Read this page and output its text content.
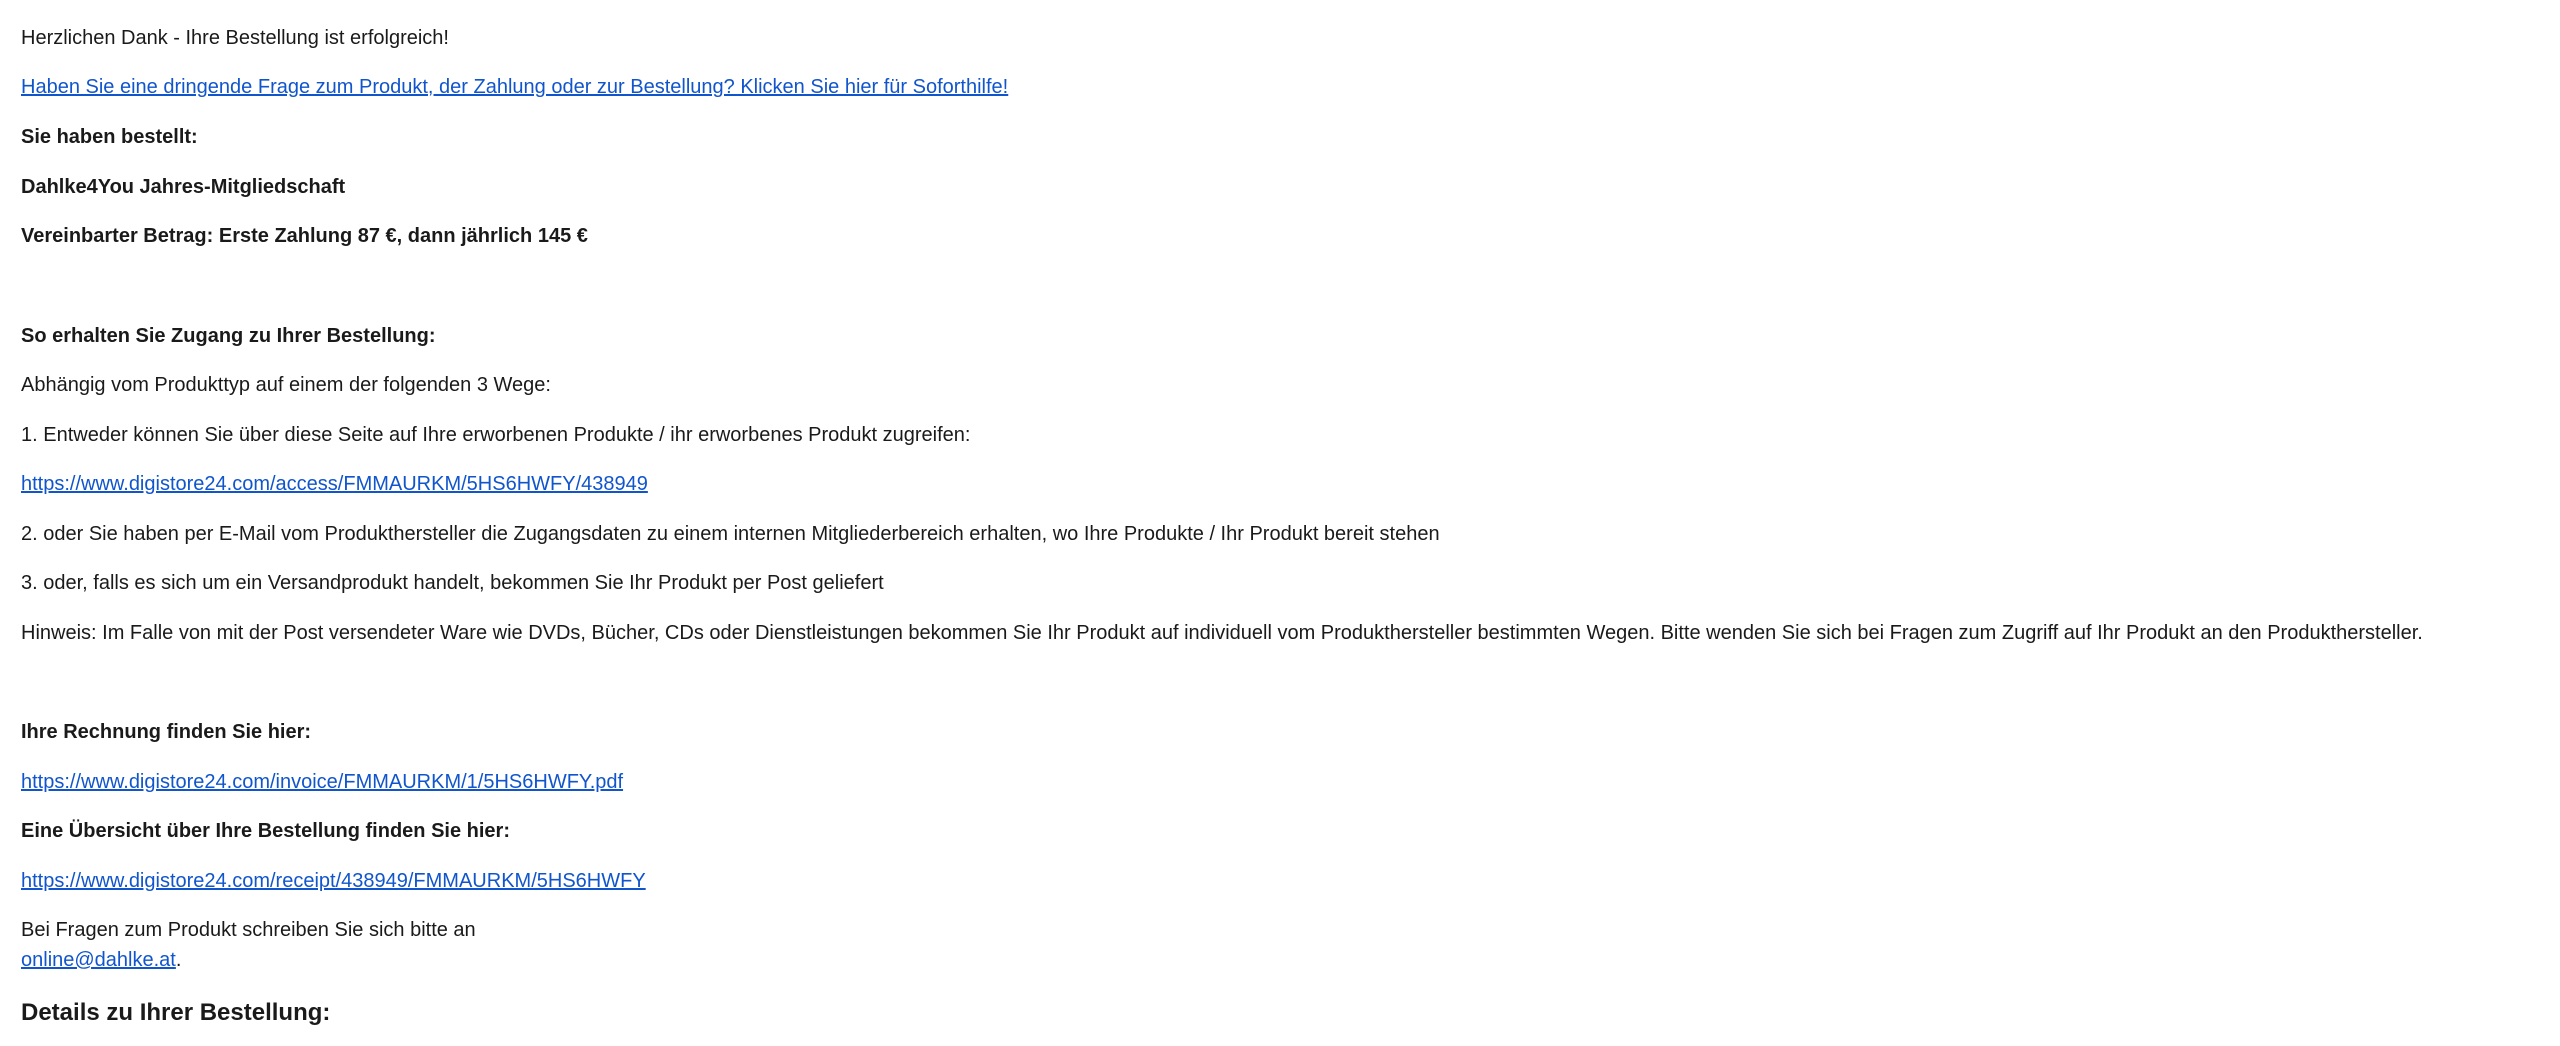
Herzlichen Dank - Ihre Bestellung ist erfolgreich!
Haben Sie eine dringende Frage zum Produkt, der Zahlung oder zur Bestellung? Klicken Sie hier für Soforthilfe!
Sie haben bestellt:
Dahlke4You Jahres-Mitgliedschaft
Vereinbarter Betrag: Erste Zahlung 87 €, dann jährlich 145 €
So erhalten Sie Zugang zu Ihrer Bestellung:
Abhängig vom Produkttyp auf einem der folgenden 3 Wege:
1. Entweder können Sie über diese Seite auf Ihre erworbenen Produkte / ihr erworbenes Produkt zugreifen:
https://www.digistore24.com/access/FMMAURKM/5HS6HWFY/438949
2. oder Sie haben per E-Mail vom Produkthersteller die Zugangsdaten zu einem internen Mitgliederbereich erhalten, wo Ihre Produkte / Ihr Produkt bereit stehen
3. oder, falls es sich um ein Versandprodukt handelt, bekommen Sie Ihr Produkt per Post geliefert
Hinweis: Im Falle von mit der Post versendeter Ware wie DVDs, Bücher, CDs oder Dienstleistungen bekommen Sie Ihr Produkt auf individuell vom Produkthersteller bestimmten Wegen. Bitte wenden Sie sich bei Fragen zum Zugriff auf Ihr Produkt an den Produkthersteller.
Ihre Rechnung finden Sie hier:
https://www.digistore24.com/invoice/FMMAURKM/1/5HS6HWFY.pdf
Eine Übersicht über Ihre Bestellung finden Sie hier:
https://www.digistore24.com/receipt/438949/FMMAURKM/5HS6HWFY
Bei Fragen zum Produkt schreiben Sie sich bitte an
online@dahlke.at.
Details zu Ihrer Bestellung:
